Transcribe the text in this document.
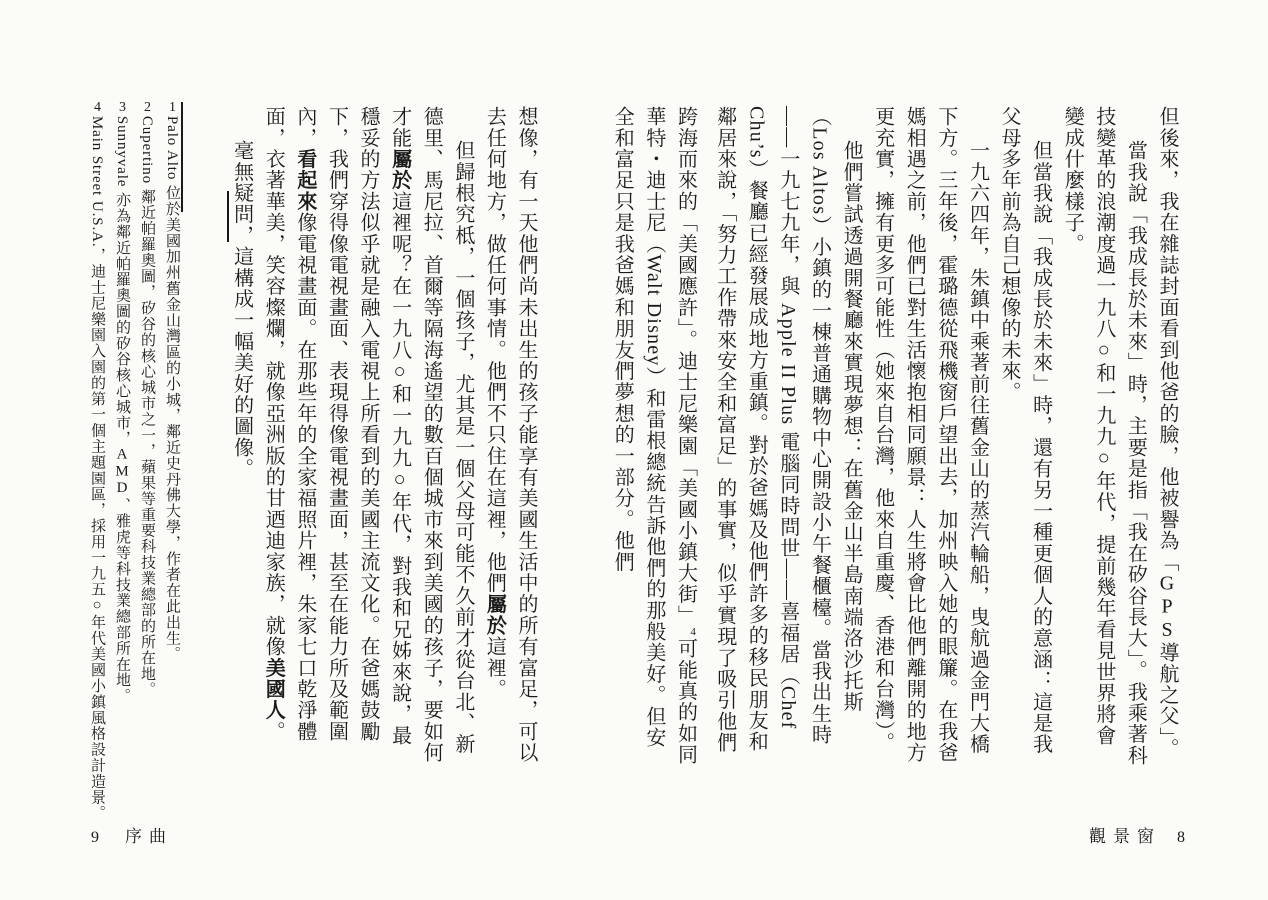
但後來，我在雜誌封面看到他爸的臉，他被譽為「GPS導航之父」。

當我說「我成長於未來」時，主要是指「我在矽谷長大」。我乘著科技變革的浪潮度過一九八○和一九九○年代，提前幾年看見世界將會變成什麼樣子。

但當我說「我成長於未來」時，還有另一種更個人的意涵：這是我父母多年前為自己想像的未來。

一九六四年，朱鎮中乘著前往舊金山的蒸汽輪船，曳航過金門大橋下方。三年後，霍璐德從飛機窗戶望出去，加州映入她的眼簾。在我爸媽相遇之前，他們已對生活懷抱相同願景：人生將會比他們離開的地方更充實，擁有更多可能性（她來自台灣，他來自重慶、香港和台灣）。

他們嘗試透過開餐廳來實現夢想：在舊金山半島南端洛沙托斯（Los Altos）小鎮的一棟普通購物中心開設小午餐櫃檯。當我出生時——一九七九年，與 Apple II Plus 電腦同時問世——喜福居（Chef Chu’s）餐廳已經發展成地方重鎮。對於爸媽及他們許多的移民朋友和鄰居來說，「努力工作帶來安全和富足」的事實，似乎實現了吸引他們跨海而來的「美國應許」。迪士尼樂園「美國小鎮大街」$^4$可能真的如同華特・迪士尼（Walt Disney）和雷根總統告訴他們的那般美好。但安全和富足只是我爸媽和朋友們夢想的一部分。他們

想像，有一天他們尚未出生的孩子能享有美國生活中的所有富足，可以去任何地方，做任何事情。他們不只住在這裡，他們屬於這裡。

但歸根究柢，一個孩子，尤其是一個父母可能不久前才從台北、新德里、馬尼拉、首爾等隔海遙望的數百個城市來到美國的孩子，要如何才能屬於這裡呢？在一九八○和一九九○年代，對我和兄姊來說，最穩妥的方法似乎就是融入電視上所看到的美國主流文化。在爸媽鼓勵下，我們穿得像電視畫面、表現得像電視畫面，甚至在能力所及範圍內，看起來像電視畫面。在那些年的全家福照片裡，朱家七口乾淨體面，衣著華美，笑容燦爛，就像亞洲版的甘迺迪家族，就像美國人。

毫無疑問，這構成一幅美好的圖像。

1Palo Alto 位於美國加州舊金山灣區的小城，鄰近史丹佛大學，作者在此出生。
2Cupertino 鄰近帕羅奧圖，矽谷的核心城市之一，蘋果等重要科技業總部的所在地。
3Sunnyvale 亦為鄰近帕羅奧圖的矽谷核心城市，AMD、雅虎等科技業總部所在地。
4Main Street U.S.A.，迪士尼樂園入園的第一個主題園區，採用一九五○年代美國小鎮風格設計造景。
9 序曲	觀景窗 8
